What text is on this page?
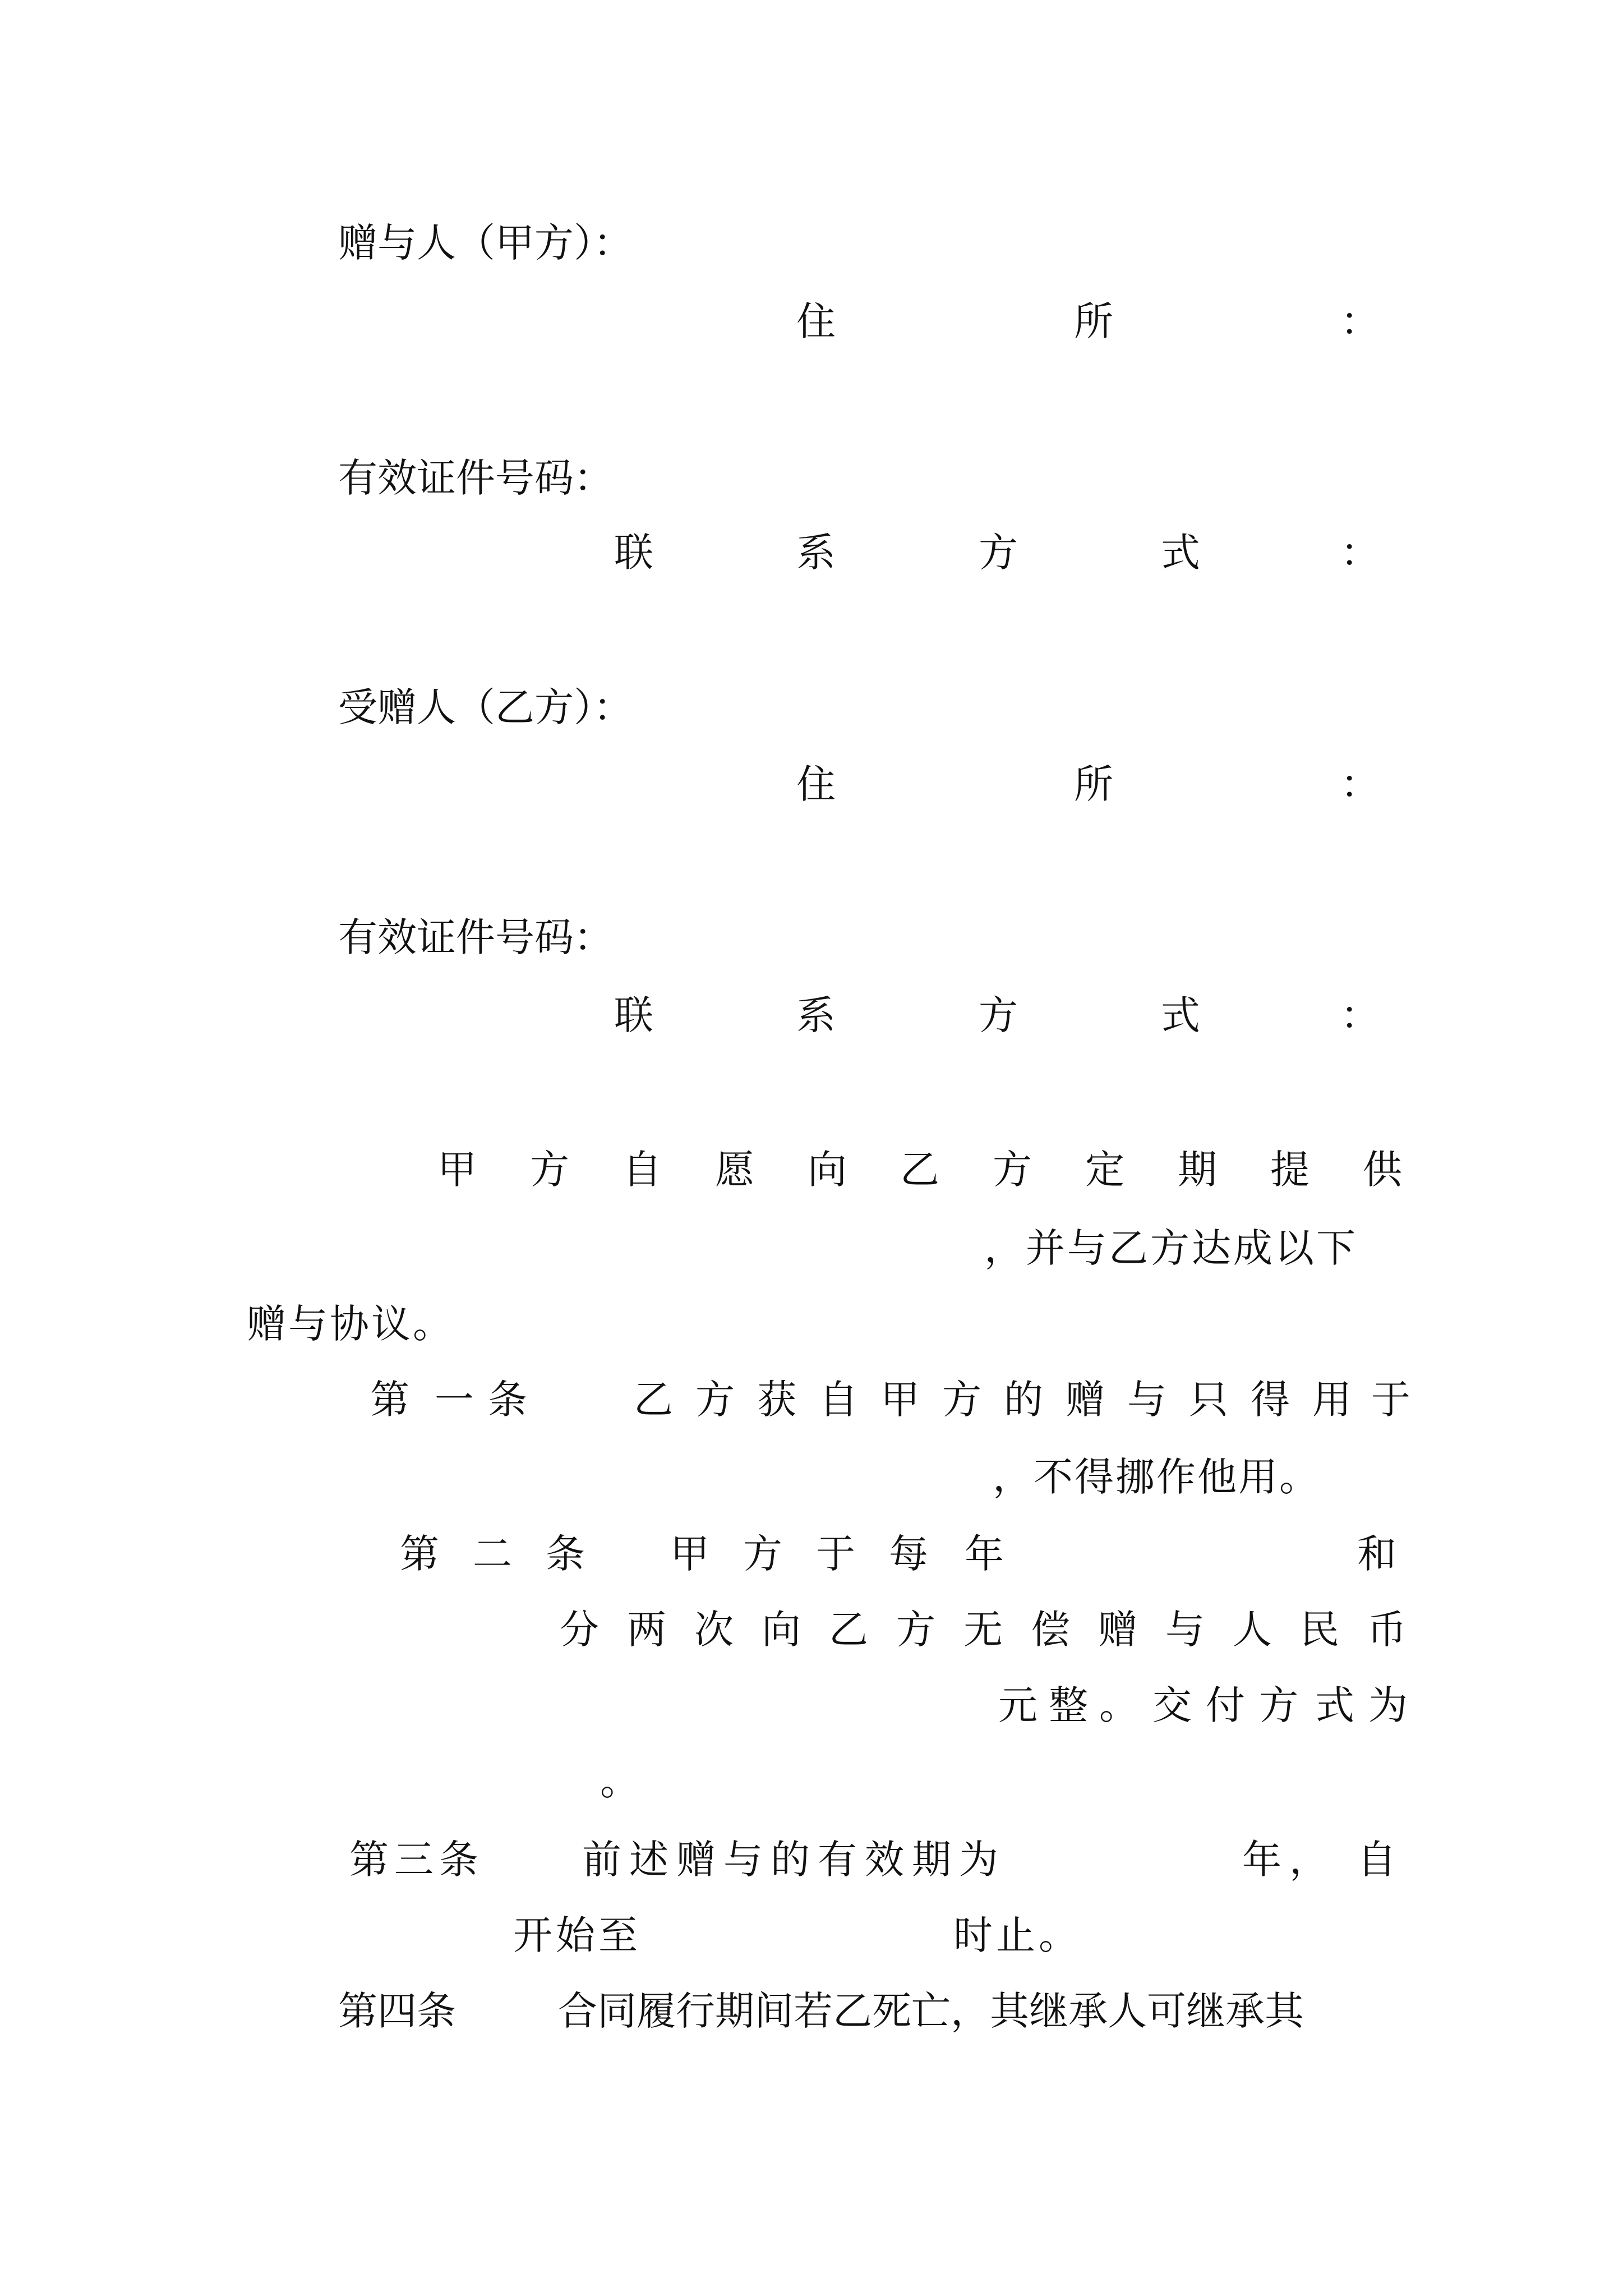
赠与人（甲方）：
住	所	：
有效证件号码：
联	系	方	式	：
受赠人（乙方）：
住	所	：
有效证件号码：
联	系	方	式	：
甲 方 自 愿 向 乙 方 定 期 提 供
，并与乙方达成以下
赠与协议。
第 一 条	乙 方 获 自 甲 方 的 赠 与 只 得 用 于
，不得挪作他用。
第 二 条 甲 方 于 每 年	和
分 两 次 向 乙 方 无 偿 赠 与 人 民 币
元 整 。 交 付 方 式 为
。
第 三 条	前 述 赠 与 的 有 效 期 为	年， 自
开始至	时止。
第四条	合同履行期间若乙死亡，其继承人可继承其
